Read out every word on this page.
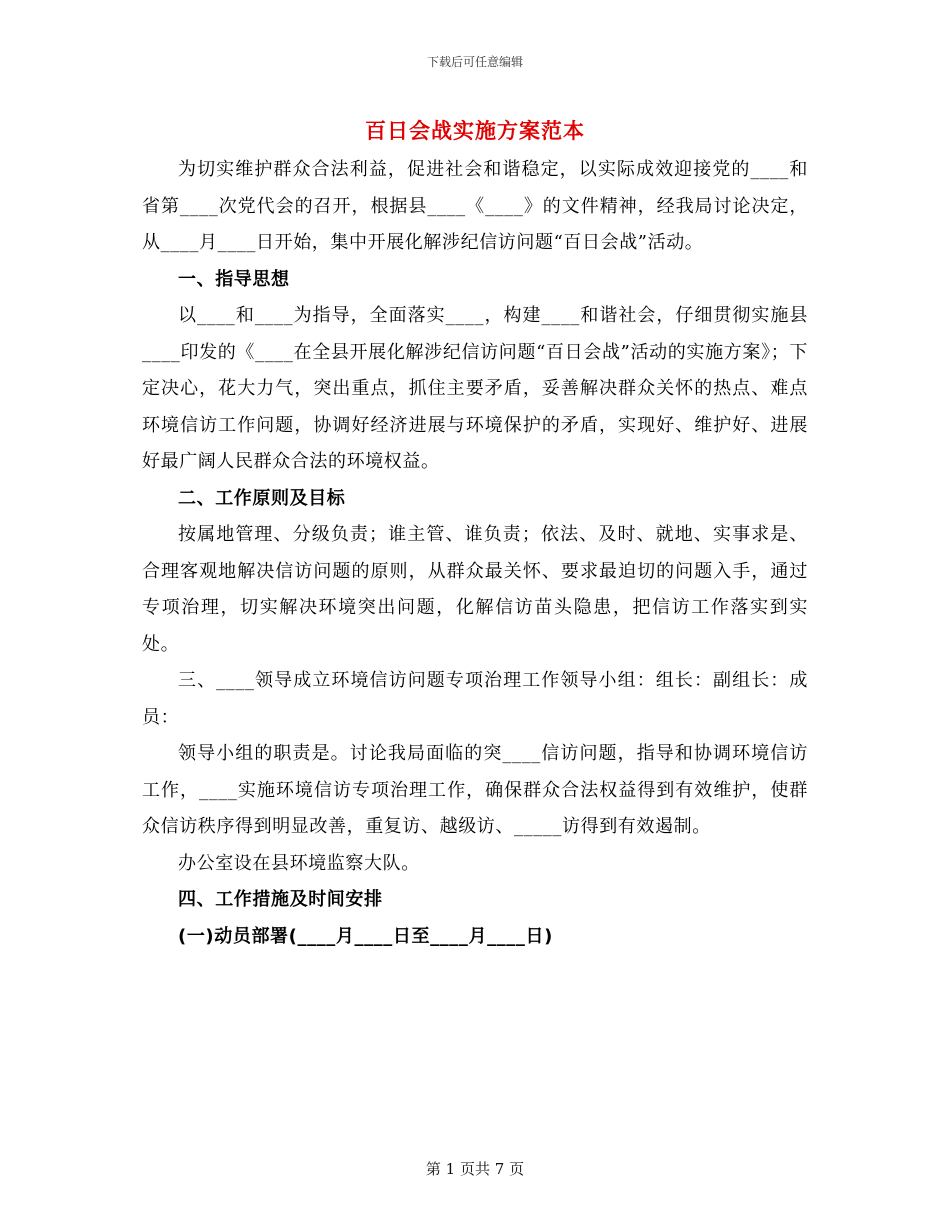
下载后可任意编辑
百日会战实施方案范本

为切实维护群众合法利益，促进社会和谐稳定，以实际成效迎接党的____和省第____次党代会的召开，根据县____《____》的文件精神，经我局讨论决定，从____月____日开始，集中开展化解涉纪信访问题“百日会战”活动。

一、指导思想

以____和____为指导，全面落实____，构建____和谐社会，仔细贯彻实施县____印发的《____在全县开展化解涉纪信访问题“百日会战”活动的实施方案》；下定决心，花大力气，突出重点，抓住主要矛盾，妥善解决群众关怀的热点、难点环境信访工作问题，协调好经济进展与环境保护的矛盾，实现好、维护好、进展好最广阔人民群众合法的环境权益。

二、工作原则及目标

按属地管理、分级负责；谁主管、谁负责；依法、及时、就地、实事求是、合理客观地解决信访问题的原则，从群众最关怀、要求最迫切的问题入手，通过专项治理，切实解决环境突出问题，化解信访苗头隐患，把信访工作落实到实处。

三、____领导成立环境信访问题专项治理工作领导小组：组长：副组长：成员：

领导小组的职责是。讨论我局面临的突____信访问题，指导和协调环境信访工作，____实施环境信访专项治理工作，确保群众合法权益得到有效维护，使群众信访秩序得到明显改善，重复访、越级访、_____访得到有效遏制。

办公室设在县环境监察大队。

四、工作措施及时间安排

(一)动员部署(____月____日至____月____日)

第 1 页共 7 页
